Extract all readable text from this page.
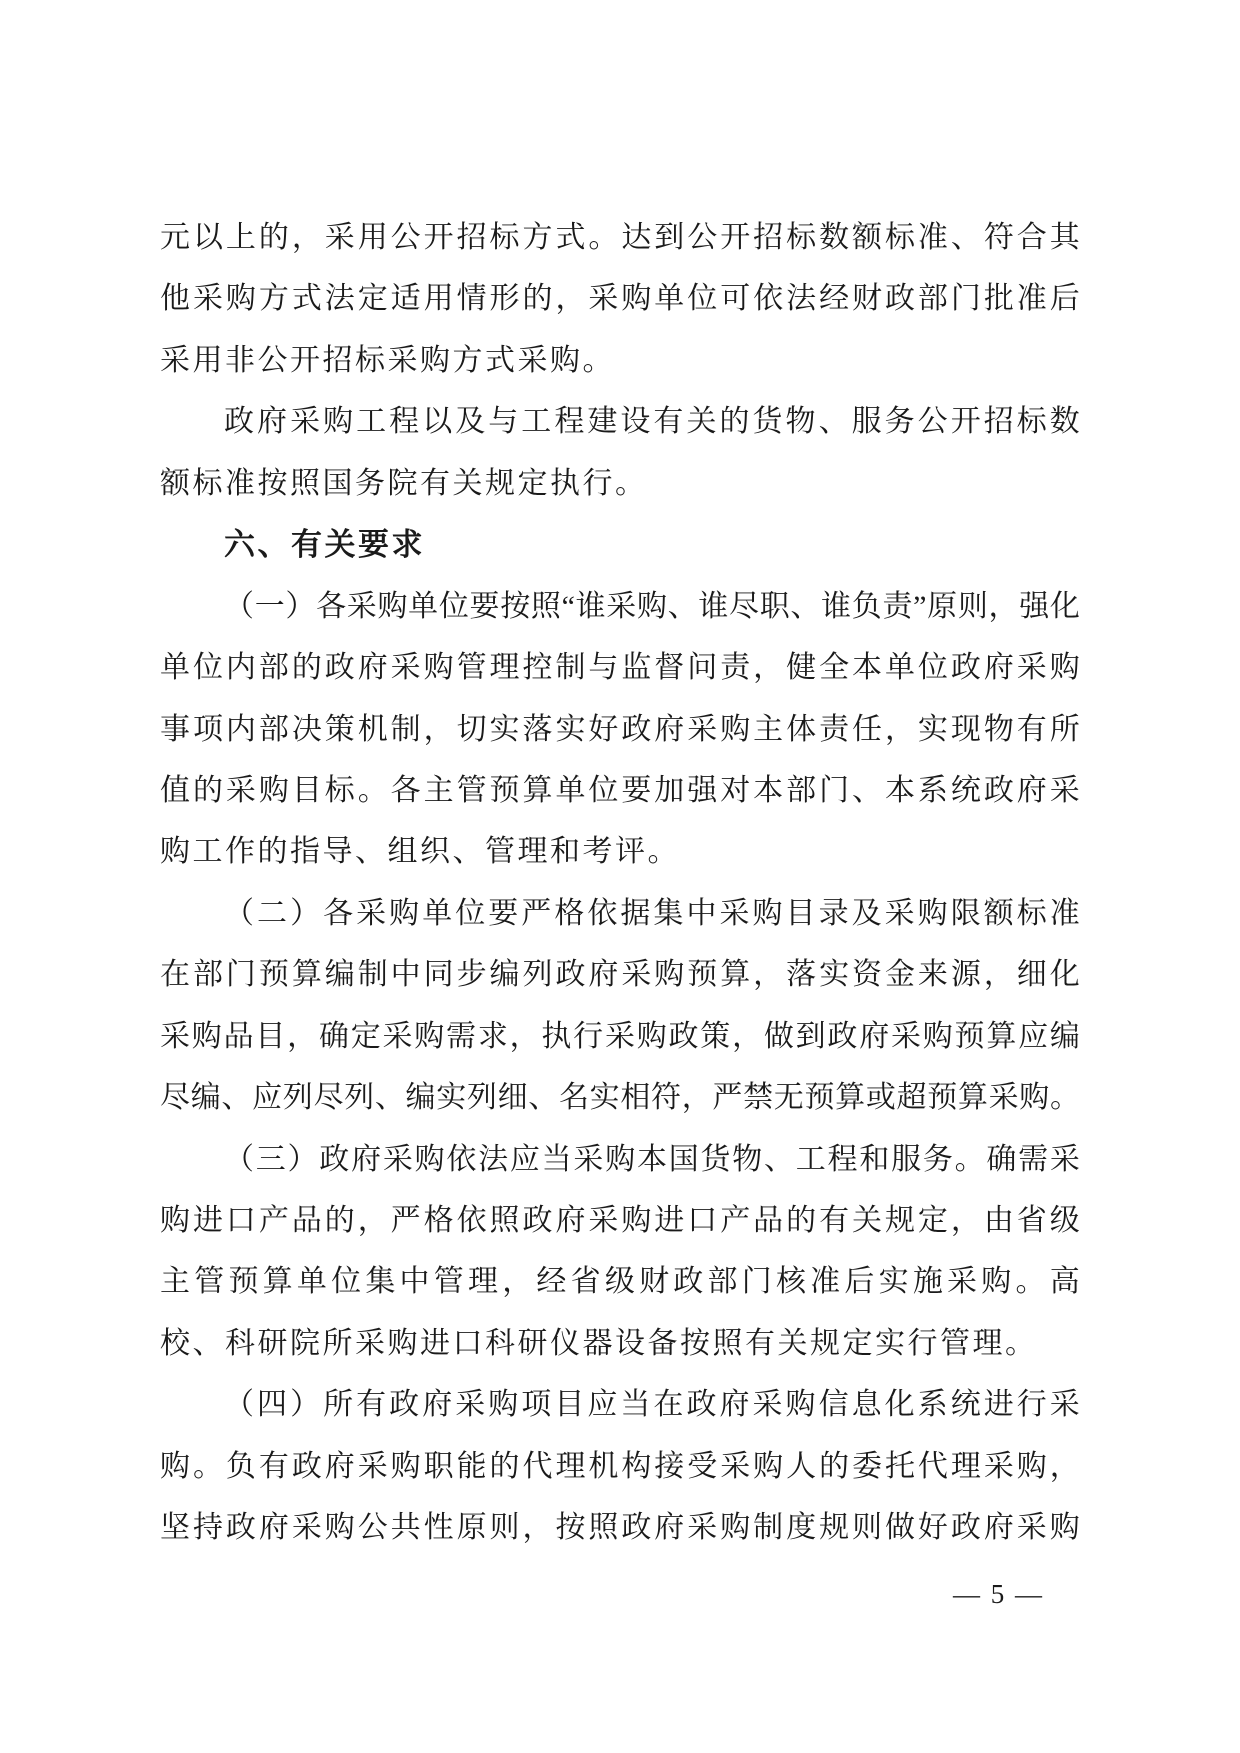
元 以 上 的 ， 采 用 公 开 招 标 方 式 。 达 到 公 开 招 标 数 额 标 准 、 符 合 其
他 采 购 方 式 法 定 适 用 情 形 的 ， 采 购 单 位 可 依 法 经 财 政 部 门 批 准 后
采用非公开招标采购方式采购。
政 府 采 购 工 程 以 及 与 工 程 建 设 有 关 的 货 物 、 服 务 公 开 招 标 数
额标准按照国务院有关规定执行。
六、有关要求
（ 一 ） 各 采 购 单 位 要 按 照 “ 谁 采 购 、 谁 尽 职 、 谁 负 责 ” 原 则 ， 强 化
单 位 内 部 的 政 府 采 购 管 理 控 制 与 监 督 问 责 ， 健 全 本 单 位 政 府 采 购
事 项 内 部 决 策 机 制 ， 切 实 落 实 好 政 府 采 购 主 体 责 任 ， 实 现 物 有 所
值 的 采 购 目 标 。 各 主 管 预 算 单 位 要 加 强 对 本 部 门 、 本 系 统 政 府 采
购工作的指导、组织、管理和考评。
（ 二 ） 各 采 购 单 位 要 严 格 依 据 集 中 采 购 目 录 及 采 购 限 额 标 准
在 部 门 预 算 编 制 中 同 步 编 列 政 府 采 购 预 算 ， 落 实 资 金 来 源 ， 细 化
采 购 品 目 ， 确 定 采 购 需 求 ， 执 行 采 购 政 策 ， 做 到 政 府 采 购 预 算 应 编
尽 编 、 应 列 尽 列 、 编 实 列 细 、 名 实 相 符 ， 严 禁 无 预 算 或 超 预 算 采 购 。
（ 三 ） 政 府 采 购 依 法 应 当 采 购 本 国 货 物 、 工 程 和 服 务 。 确 需 采
购 进 口 产 品 的 ， 严 格 依 照 政 府 采 购 进 口 产 品 的 有 关 规 定 ， 由 省 级
主 管 预 算 单 位 集 中 管 理 ， 经 省 级 财 政 部 门 核 准 后 实 施 采 购 。 高
校、科研院所采购进口科研仪器设备按照有关规定实行管理。
（ 四 ） 所 有 政 府 采 购 项 目 应 当 在 政 府 采 购 信 息 化 系 统 进 行 采
购 。 负 有 政 府 采 购 职 能 的 代 理 机 构 接 受 采 购 人 的 委 托 代 理 采 购 ，
坚 持 政 府 采 购 公 共 性 原 则 ， 按 照 政 府 采 购 制 度 规 则 做 好 政 府 采 购
— 5 —
